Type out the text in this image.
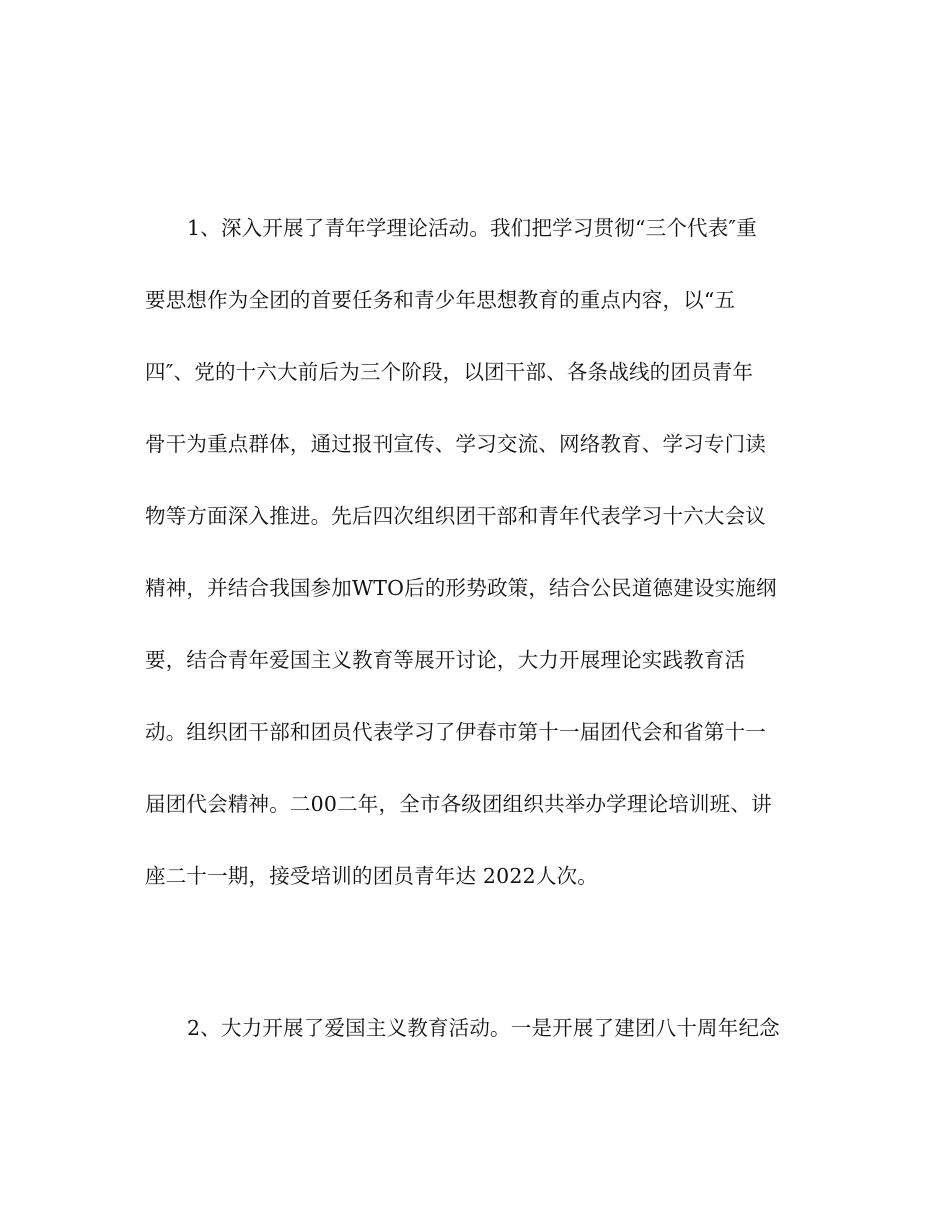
1、深入开展了青年学理论活动。我们把学习贯彻“三个代表″重
要思想作为全团的首要任务和青少年思想教育的重点内容，以“五
四″、党的十六大前后为三个阶段，以团干部、各条战线的团员青年
骨干为重点群体，通过报刊宣传、学习交流、网络教育、学习专门读
物等方面深入推进。先后四次组织团干部和青年代表学习十六大会议
精神，并结合我国参加WTO后的形势政策，结合公民道德建设实施纲
要，结合青年爱国主义教育等展开讨论，大力开展理论实践教育活
动。组织团干部和团员代表学习了伊春市第十一届团代会和省第十一
届团代会精神。二00二年，全市各级团组织共举办学理论培训班、讲
座二十一期，接受培训的团员青年达 2022人次。
2、大力开展了爱国主义教育活动。一是开展了建团八十周年纪念
